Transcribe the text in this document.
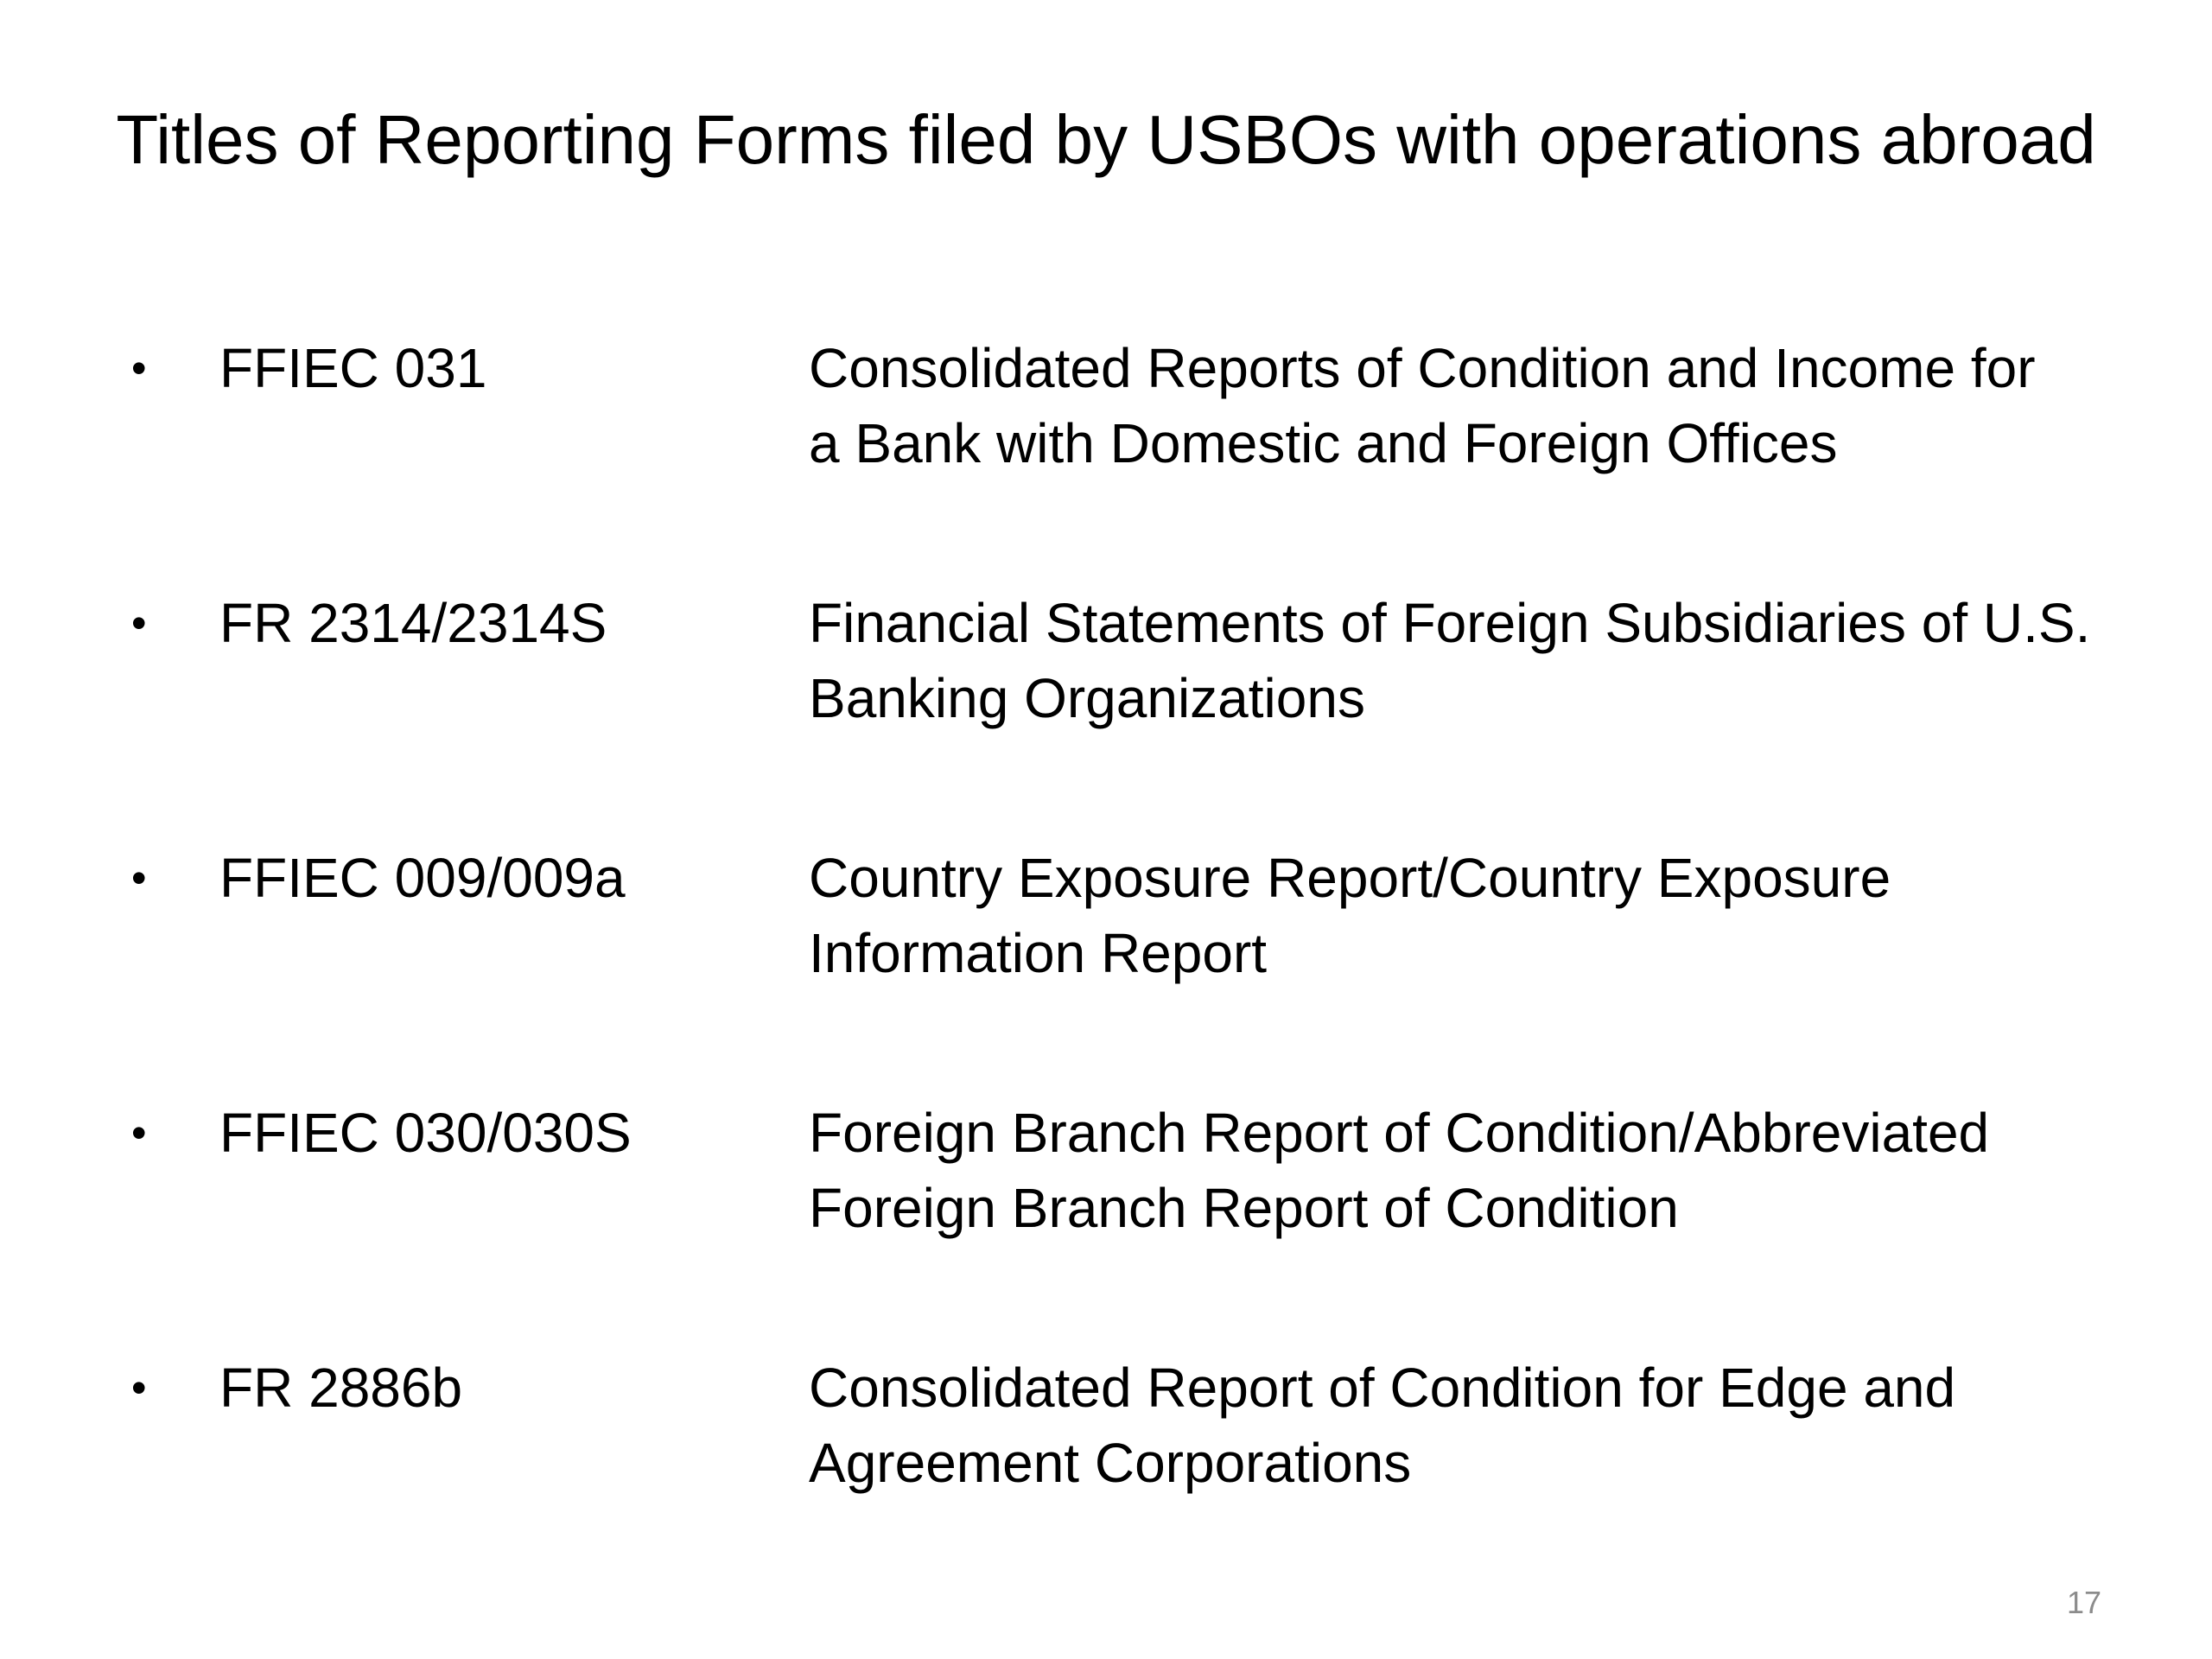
Titles of Reporting Forms filed by USBOs with operations abroad
• FFIEC 031	Consolidated Reports of Condition and Income for
a Bank with Domestic and Foreign Offices
• FR 2314/2314S	Financial Statements of Foreign Subsidiaries of U.S.
Banking Organizations
• FFIEC 009/009a	Country Exposure Report/Country Exposure
Information Report
• FFIEC 030/030S	Foreign Branch Report of Condition/Abbreviated
Foreign Branch Report of Condition
• FR 2886b	Consolidated Report of Condition for Edge and
Agreement Corporations
17
